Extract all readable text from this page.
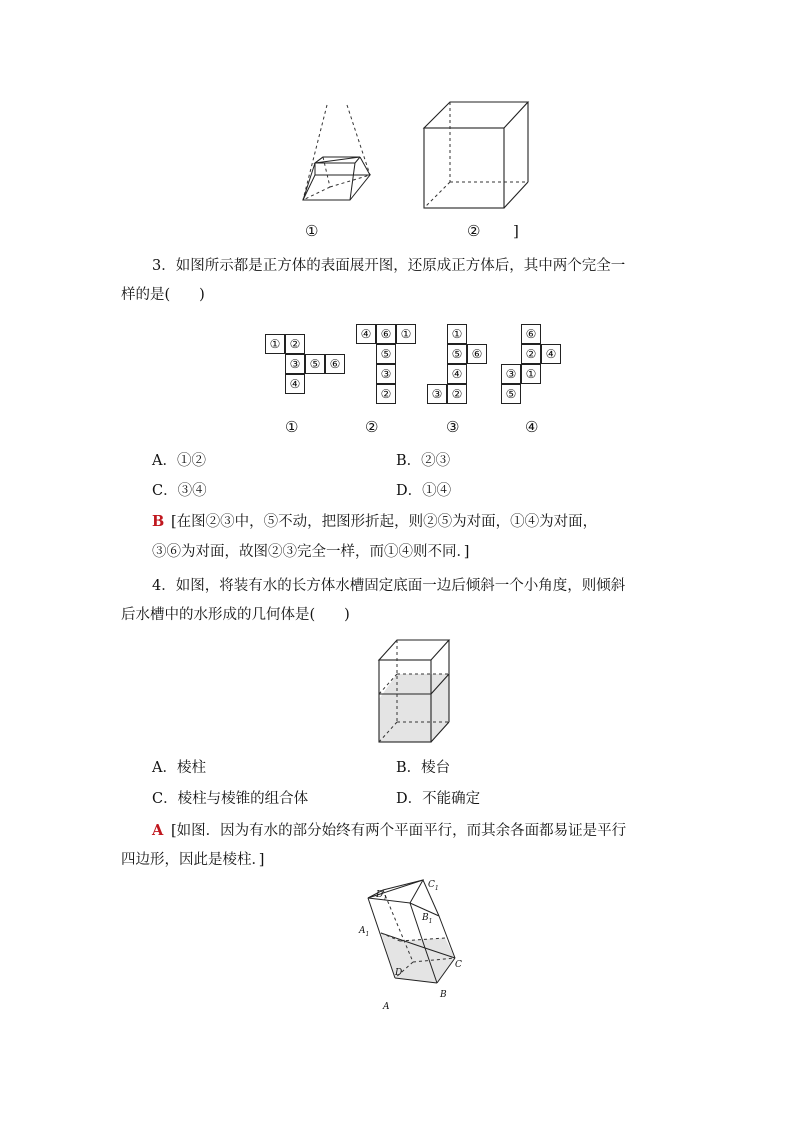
①	② ]
3．如图所示都是正方体的表面展开图，还原成正方体后，其中两个完全一
样的是(　　)
① ②
③ ⑤ ⑥
④
④ ⑥ ①
⑤
③
②
①
⑤ ⑥
④
③ ②
⑥
② ④
③ ①
⑤
①	②	③	④
A．①②	B．②③
C．③④	D．①④
B [在图②③中，⑤不动，把图形折起，则②⑤为对面，①④为对面，
③⑥为对面，故图②③完全一样，而①④则不同．]
4．如图，将装有水的长方体水槽固定底面一边后倾斜一个小角度，则倾斜
后水槽中的水形成的几何体是(　　)
A．棱柱	B．棱台
C．棱柱与棱锥的组合体	D．不能确定
A [如图．因为有水的部分始终有两个平面平行，而其余各面都易证是平行
四边形，因此是棱柱．]
$D_1$
$C_1$
$B_1$
$A_1$
D
C
B
A
